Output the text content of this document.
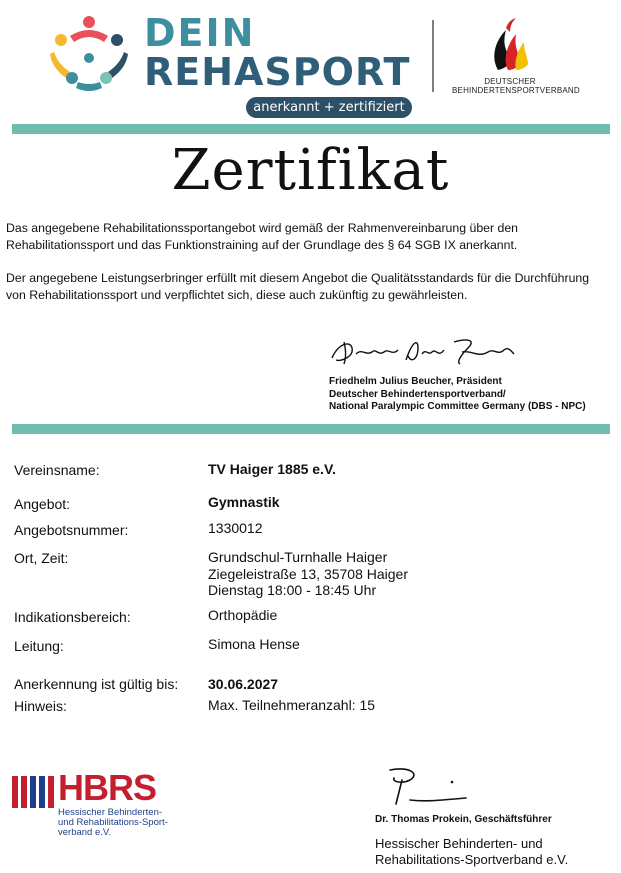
DEIN
REHASPORT
anerkannt + zertifiziert
DEUTSCHER
BEHINDERTENSPORTVERBAND
Zertifikat
Das angegebene Rehabilitationssportangebot wird gemäß der Rahmenvereinbarung über den Rehabilitationssport und das Funktionstraining auf der Grundlage des § 64 SGB IX anerkannt.
Der angegebene Leistungserbringer erfüllt mit diesem Angebot die Qualitätsstandards für die Durchführung von Rehabilitationssport und verpflichtet sich, diese auch zukünftig zu gewährleisten.
Friedhelm Julius Beucher, Präsident
Deutscher Behindertensportverband/
National Paralympic Committee Germany (DBS - NPC)
Vereinsname:	TV Haiger 1885 e.V.
Angebot:	Gymnastik
Angebotsnummer:	1330012
Ort, Zeit:	Grundschul-Turnhalle Haiger
Ziegeleistraße 13, 35708 Haiger
Dienstag 18:00 - 18:45 Uhr
Indikationsbereich:	Orthopädie
Leitung:	Simona Hense
Anerkennung ist gültig bis: 30.06.2027
Hinweis:	Max. Teilnehmeranzahl: 15
HBRS
Hessischer Behinderten-
und Rehabilitations-Sport-
verband e.V.
Dr. Thomas Prokein, Geschäftsführer
Hessischer Behinderten- und
Rehabilitations-Sportverband e.V.
